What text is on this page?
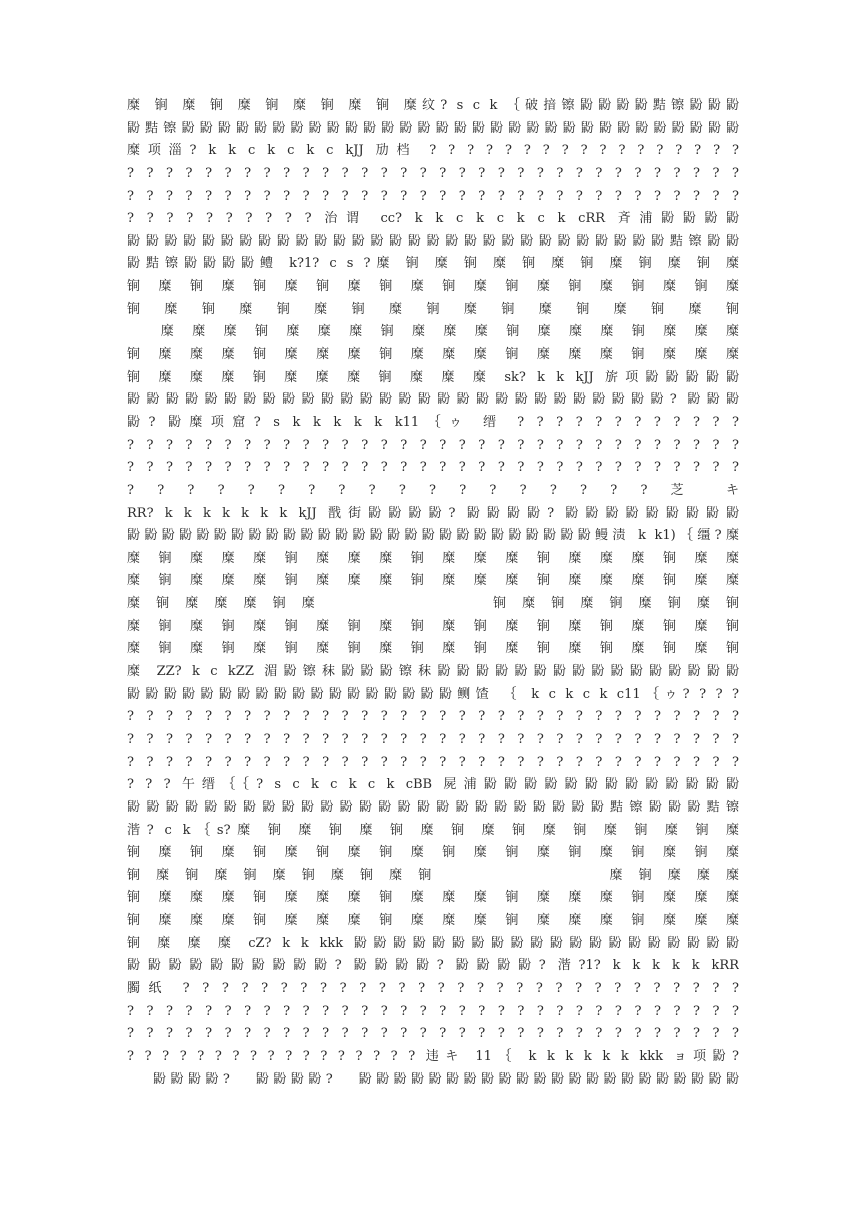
糜 锏 糜 锏 糜 锏 糜 锏 糜 锏 糜纹? s c k ｛破揞镲鼢鼢鼢鼢黠镲鼢鼢鼢
鼢黠镲鼢鼢鼢鼢鼢鼢鼢鼢鼢鼢鼢鼢鼢鼢鼢鼢鼢鼢鼢鼢鼢鼢鼢鼢鼢鼢鼢鼢鼢鼢鼢
糜项淄? k k c k c k c kJJ 劢档 ? ? ? ? ? ? ? ? ? ? ? ? ? ? ? ? ?
? ? ? ? ? ? ? ? ? ? ? ? ? ? ? ? ? ? ? ? ? ? ? ? ? ? ? ? ? ? ? ?
? ? ? ? ? ? ? ? ? ? ? ? ? ? ? ? ? ? ? ? ? ? ? ? ? ? ? ? ? ? ? ?
? ? ? ? ? ? ? ? ? ? 治谓 cc? k k c k c k c k cRR 斉浦鼢鼢鼢鼢
鼢鼢鼢鼢鼢鼢鼢鼢鼢鼢鼢鼢鼢鼢鼢鼢鼢鼢鼢鼢鼢鼢鼢鼢鼢鼢鼢鼢鼢黠镲鼢鼢
鼢黠镲鼢鼢鼢鼢鳢 k?1? c s ?糜 锏 糜 锏 糜 锏 糜 锏 糜 锏 糜 锏 糜
锏 糜 锏 糜 锏 糜 锏 糜 锏 糜 锏 糜 锏 糜 锏 糜 锏 糜 锏 糜
锏 糜 锏 糜 锏 糜 锏 糜 锏 糜 锏 糜 锏 糜 锏 糜 锏
糜 糜 糜 锏 糜 糜 糜 锏 糜 糜 糜 锏 糜 糜 糜 锏 糜 糜 糜
锏 糜 糜 糜 锏 糜 糜 糜 锏 糜 糜 糜 锏 糜 糜 糜 锏 糜 糜 糜
锏 糜 糜 糜 锏 糜 糜 糜 锏 糜 糜 糜 sk? k k kJJ 旂项鼢鼢鼢鼢鼢
鼢鼢鼢鼢鼢鼢鼢鼢鼢鼢鼢鼢鼢鼢鼢鼢鼢鼢鼢鼢鼢鼢鼢鼢鼢鼢鼢鼢? 鼢鼢鼢
鼢? 鼢糜项窟? s k k k k k k11｛ゥ 缙 ? ? ? ? ? ? ? ? ? ? ? ?
? ? ? ? ? ? ? ? ? ? ? ? ? ? ? ? ? ? ? ? ? ? ? ? ? ? ? ? ? ? ? ?
? ? ? ? ? ? ? ? ? ? ? ? ? ? ? ? ? ? ? ? ? ? ? ? ? ? ? ? ? ? ? ?
? ? ? ? ? ? ? ? ? ? ? ? ? ? ? ? ? ? 芝 キ
RR? k k k k k k k kJJ 戬街鼢鼢鼢鼢? 鼢鼢鼢鼢? 鼢鼢鼢鼢鼢鼢鼢鼢鼢
鼢鼢鼢鼢鼢鼢鼢鼢鼢鼢鼢鼢鼢鼢鼢鼢鼢鼢鼢鼢鼢鼢鼢鼢鼢鼢鼢鳗渍 k k1)｛缰?糜
糜 锏 糜 糜 糜 锏 糜 糜 糜 锏 糜 糜 糜 锏 糜 糜 糜 锏 糜 糜
糜 锏 糜 糜 糜 锏 糜 糜 糜 锏 糜 糜 糜 锏 糜 糜 糜 锏 糜 糜
糜 锏 糜 糜 糜 锏 糜                 锏 糜 锏 糜 锏 糜 锏 糜 锏
糜 锏 糜 锏 糜 锏 糜 锏 糜 锏 糜 锏 糜 锏 糜 锏 糜 锏 糜 锏
糜 锏 糜 锏 糜 锏 糜 锏 糜 锏 糜 锏 糜 锏 糜 锏 糜 锏 糜 锏
糜 ZZ? k c kZZ 湄鼢镲秣鼢鼢鼢镲秣鼢鼢鼢鼢鼢鼢鼢鼢鼢鼢鼢鼢鼢鼢鼢鼢
鼢鼢鼢鼢鼢鼢鼢鼢鼢鼢鼢鼢鼢鼢鼢鼢鼢鼢鲗馇 ｛ k c k c k c11｛ゥ? ? ? ?
? ? ? ? ? ? ? ? ? ? ? ? ? ? ? ? ? ? ? ? ? ? ? ? ? ? ? ? ? ? ? ?
? ? ? ? ? ? ? ? ? ? ? ? ? ? ? ? ? ? ? ? ? ? ? ? ? ? ? ? ? ? ? ?
? ? ? ? ? ? ? ? ? ? ? ? ? ? ? ? ? ? ? ? ? ? ? ? ? ? ? ? ? ? ? ?
? ? ? 午缙｛｛? s c k c k c k cBB 屍浦鼢鼢鼢鼢鼢鼢鼢鼢鼢鼢鼢鼢鼢
鼢鼢鼢鼢鼢鼢鼢鼢鼢鼢鼢鼢鼢鼢鼢鼢鼢鼢鼢鼢鼢鼢鼢鼢鼢黠镲鼢鼢鼢黠镲
湝? c k｛s?糜 锏 糜 锏 糜 锏 糜 锏 糜 锏 糜 锏 糜 锏 糜 锏 糜
锏 糜 锏 糜 锏 糜 锏 糜 锏 糜 锏 糜 锏 糜 锏 糜 锏 糜 锏 糜
锏 糜 锏 糜 锏 糜 锏 糜 锏 糜 锏                 糜 锏 糜 糜 糜
锏 糜 糜 糜 锏 糜 糜 糜 锏 糜 糜 糜 锏 糜 糜 糜 锏 糜 糜 糜
锏 糜 糜 糜 锏 糜 糜 糜 锏 糜 糜 糜 锏 糜 糜 糜 锏 糜 糜 糜
锏 糜 糜 糜 cZ? k k kkk 鼢鼢鼢鼢鼢鼢鼢鼢鼢鼢鼢鼢鼢鼢鼢鼢鼢鼢鼢鼢
鼢鼢鼢鼢鼢鼢鼢鼢鼢鼢? 鼢鼢鼢鼢? 鼢鼢鼢鼢? 湝?1? k k k k k kRR
臅纸 ? ? ? ? ? ? ? ? ? ? ? ? ? ? ? ? ? ? ? ? ? ? ? ? ? ? ? ? ?
? ? ? ? ? ? ? ? ? ? ? ? ? ? ? ? ? ? ? ? ? ? ? ? ? ? ? ? ? ? ? ?
? ? ? ? ? ? ? ? ? ? ? ? ? ? ? ? ? ? ? ? ? ? ? ? ? ? ? ? ? ? ? ?
? ? ? ? ? ? ? ? ? ? ? ? ? ? ? ? ? 违キ 11｛ k k k k k k kkk ョ项鼢?
鼢鼢鼢鼢?   鼢鼢鼢鼢?   鼢鼢鼢鼢鼢鼢鼢鼢鼢鼢鼢鼢鼢鼢鼢鼢鼢鼢鼢鼢鼢鼢
